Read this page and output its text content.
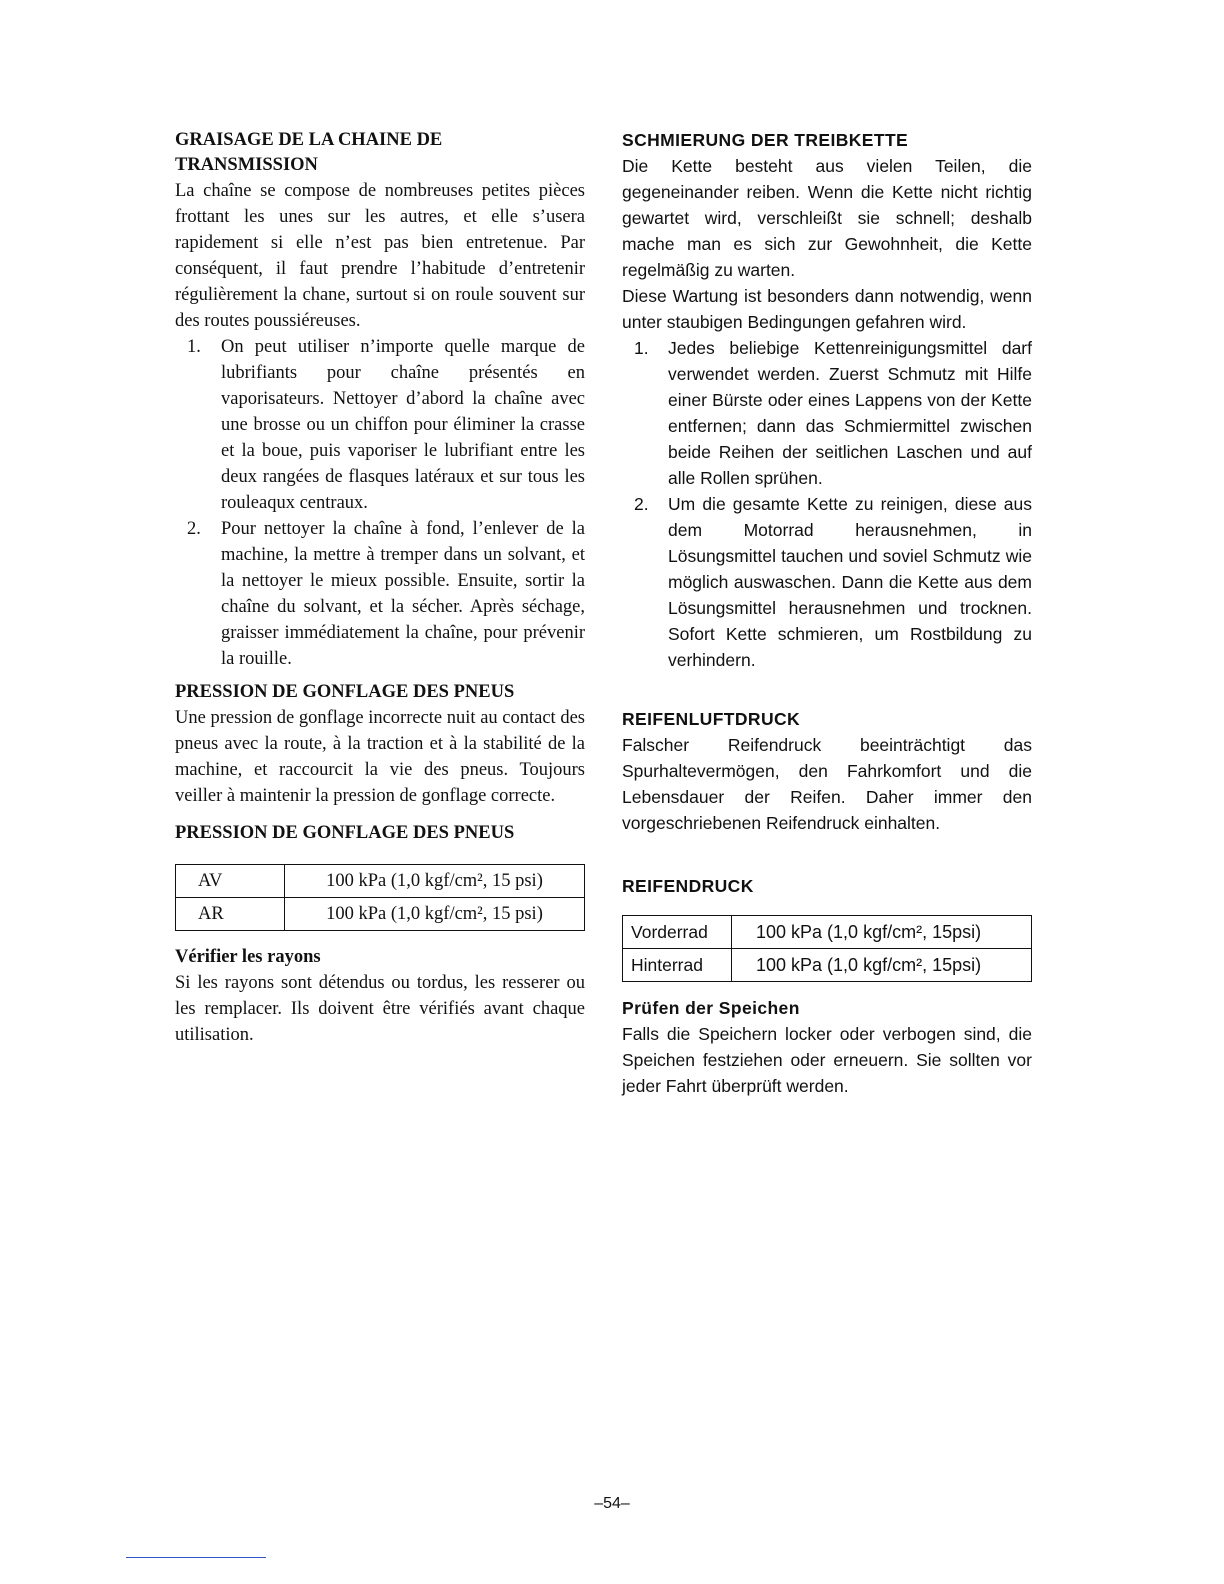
GRAISAGE DE LA CHAINE DE TRANSMISSION

La chaîne se compose de nombreuses petites pièces frottant les unes sur les autres, et elle s’usera rapidement si elle n’est pas bien entretenue. Par conséquent, il faut prendre l’habitude d’entretenir régulièrement la chane, surtout si on roule souvent sur des routes poussiéreuses.

1. On peut utiliser n’importe quelle marque de lubrifiants pour chaîne présentés en vaporisateurs. Nettoyer d’abord la chaîne avec une brosse ou un chiffon pour éliminer la crasse et la boue, puis vaporiser le lubrifiant entre les deux rangées de flasques latéraux et sur tous les rouleaqux centraux.
2. Pour nettoyer la chaîne à fond, l’enlever de la machine, la mettre à tremper dans un solvant, et la nettoyer le mieux possible. Ensuite, sortir la chaîne du solvant, et la sécher. Après séchage, graisser immédiatement la chaîne, pour prévenir la rouille.
PRESSION DE GONFLAGE DES PNEUS

Une pression de gonflage incorrecte nuit au contact des pneus avec la route, à la traction et à la stabilité de la machine, et raccourcit la vie des pneus. Toujours veiller à maintenir la pression de gonflage correcte.

PRESSION DE GONFLAGE DES PNEUS
AV	100 kPa (1,0 kgf/cm², 15 psi)
AR	100 kPa (1,0 kgf/cm², 15 psi)
Vérifier les rayons

Si les rayons sont détendus ou tordus, les resserer ou les remplacer. Ils doivent être vérifiés avant chaque utilisation.

SCHMIERUNG DER TREIBKETTE

Die Kette besteht aus vielen Teilen, die gegeneinander reiben. Wenn die Kette nicht richtig gewartet wird, verschleißt sie schnell; deshalb mache man es sich zur Gewohnheit, die Kette regelmäßig zu warten.

Diese Wartung ist besonders dann notwendig, wenn unter staubigen Bedingungen gefahren wird.

1. Jedes beliebige Kettenreinigungsmittel darf verwendet werden. Zuerst Schmutz mit Hilfe einer Bürste oder eines Lappens von der Kette entfernen; dann das Schmiermittel zwischen beide Reihen der seitlichen Laschen und auf alle Rollen sprühen.
2. Um die gesamte Kette zu reinigen, diese aus dem Motorrad herausnehmen, in Lösungsmittel tauchen und soviel Schmutz wie möglich auswaschen. Dann die Kette aus dem Lösungsmittel herausnehmen und trocknen. Sofort Kette schmieren, um Rostbildung zu verhindern.
REIFENLUFTDRUCK

Falscher Reifendruck beeinträchtigt das Spurhaltevermögen, den Fahrkomfort und die Lebensdauer der Reifen. Daher immer den vorgeschriebenen Reifendruck einhalten.

REIFENDRUCK
Vorderrad	100 kPa (1,0 kgf/cm², 15psi)
Hinterrad	100 kPa (1,0 kgf/cm², 15psi)
Prüfen der Speichen

Falls die Speichern locker oder verbogen sind, die Speichen festziehen oder erneuern. Sie sollten vor jeder Fahrt überprüft werden.

–54–
